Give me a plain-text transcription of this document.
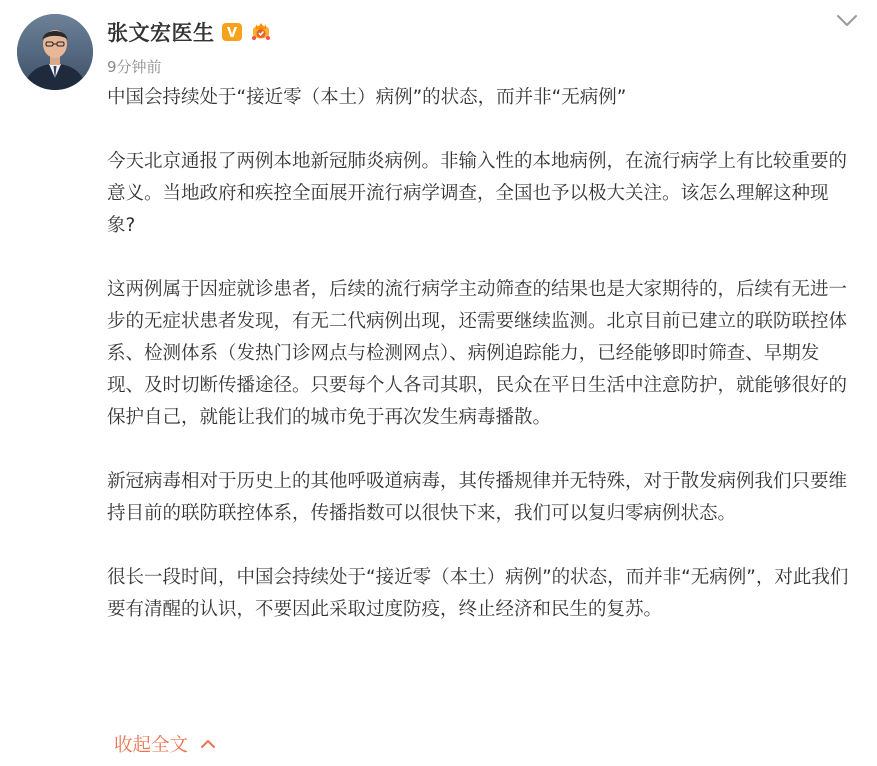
张文宏医生 V
9分钟前

中国会持续处于“接近零（本土）病例”的状态，而并非“无病例”

今天北京通报了两例本地新冠肺炎病例。非输入性的本地病例，在流行病学上有比较重要的意义。当地政府和疾控全面展开流行病学调查，全国也予以极大关注。该怎么理解这种现象?

这两例属于因症就诊患者，后续的流行病学主动筛查的结果也是大家期待的，后续有无进一步的无症状患者发现，有无二代病例出现，还需要继续监测。北京目前已建立的联防联控体系、检测体系（发热门诊网点与检测网点）、病例追踪能力，已经能够即时筛查、早期发现、及时切断传播途径。只要每个人各司其职，民众在平日生活中注意防护，就能够很好的保护自己，就能让我们的城市免于再次发生病毒播散。

新冠病毒相对于历史上的其他呼吸道病毒，其传播规律并无特殊，对于散发病例我们只要维持目前的联防联控体系，传播指数可以很快下来，我们可以复归零病例状态。

很长一段时间，中国会持续处于“接近零（本土）病例”的状态，而并非“无病例”，对此我们要有清醒的认识，不要因此采取过度防疫，终止经济和民生的复苏。

收起全文
